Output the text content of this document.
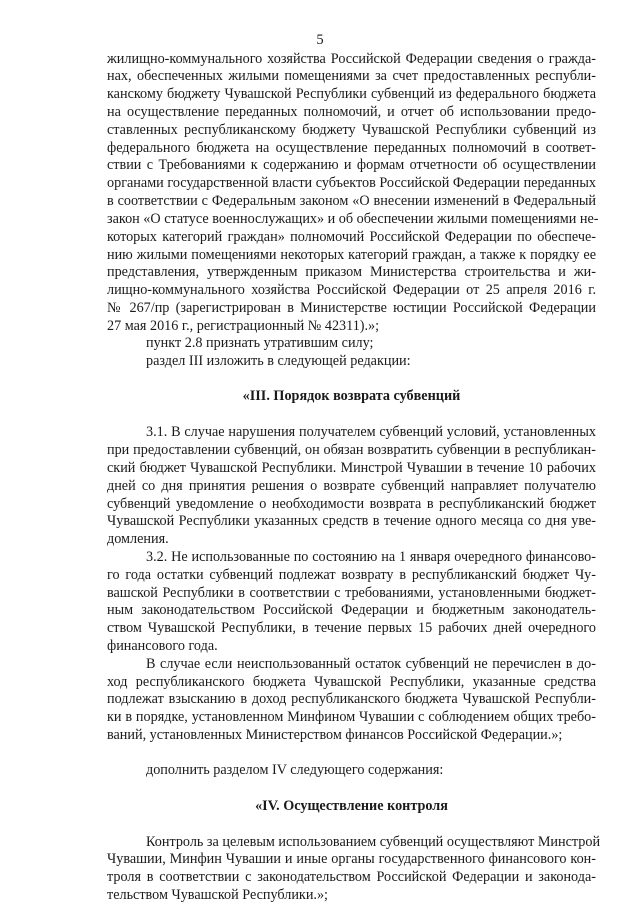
5
жилищно-коммунального хозяйства Российской Федерации сведения о гражда-
нах, обеспеченных жилыми помещениями за счет предоставленных республи-
канскому бюджету Чувашской Республики субвенций из федерального бюджета
на осуществление переданных полномочий, и отчет об использовании предо-
ставленных республиканскому бюджету Чувашской Республики субвенций из
федерального бюджета на осуществление переданных полномочий в соответ-
ствии с Требованиями к содержанию и формам отчетности об осуществлении
органами государственной власти субъектов Российской Федерации переданных
в соответствии с Федеральным законом «О внесении изменений в Федеральный
закон «О статусе военнослужащих» и об обеспечении жилыми помещениями не-
которых категорий граждан» полномочий Российской Федерации по обеспече-
нию жилыми помещениями некоторых категорий граждан, а также к порядку ее
представления, утвержденным приказом Министерства строительства и жи-
лищно-коммунального хозяйства Российской Федерации от 25 апреля 2016 г.
№ 267/пр (зарегистрирован в Министерстве юстиции Российской Федерации
27 мая 2016 г., регистрационный № 42311).»;
пункт 2.8 признать утратившим силу;
раздел III изложить в следующей редакции:
«III. Порядок возврата субвенций
3.1. В случае нарушения получателем субвенций условий, установленных
при предоставлении субвенций, он обязан возвратить субвенции в республикан-
ский бюджет Чувашской Республики. Минстрой Чувашии в течение 10 рабочих
дней со дня принятия решения о возврате субвенций направляет получателю
субвенций уведомление о необходимости возврата в республиканский бюджет
Чувашской Республики указанных средств в течение одного месяца со дня уве-
домления.
3.2. Не использованные по состоянию на 1 января очередного финансово-
го года остатки субвенций подлежат возврату в республиканский бюджет Чу-
вашской Республики в соответствии с требованиями, установленными бюджет-
ным законодательством Российской Федерации и бюджетным законодатель-
ством Чувашской Республики, в течение первых 15 рабочих дней очередного
финансового года.
В случае если неиспользованный остаток субвенций не перечислен в до-
ход республиканского бюджета Чувашской Республики, указанные средства
подлежат взысканию в доход республиканского бюджета Чувашской Республи-
ки в порядке, установленном Минфином Чувашии с соблюдением общих требо-
ваний, установленных Министерством финансов Российской Федерации.»;
дополнить разделом IV следующего содержания:
«IV. Осуществление контроля
Контроль за целевым использованием субвенций осуществляют Минстрой
Чувашии, Минфин Чувашии и иные органы государственного финансового кон-
троля в соответствии с законодательством Российской Федерации и законода-
тельством Чувашской Республики.»;
